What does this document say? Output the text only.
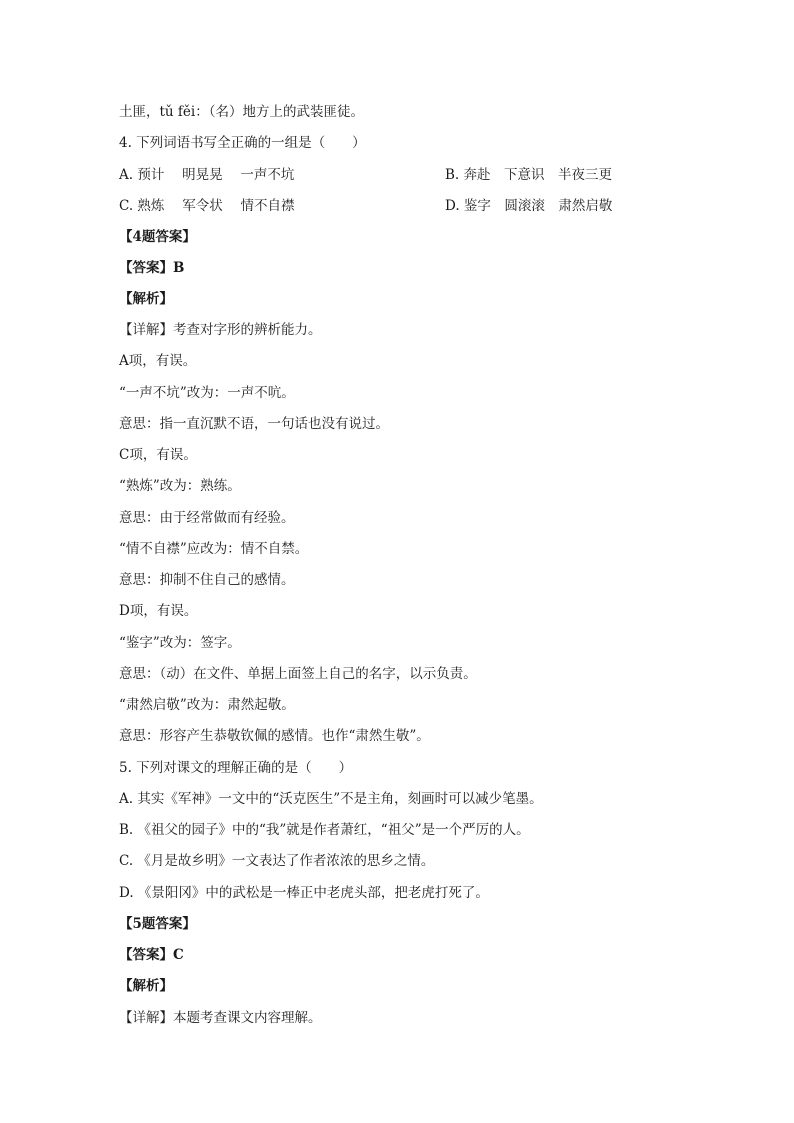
土匪，tǔ fěi：（名）地方上的武装匪徒。
4. 下列词语书写全正确的一组是（　　）
A. 预计　 明晃晃　 一声不坑	B. 奔赴　下意识　半夜三更
C. 熟炼　 军令状　 情不自襟	D. 鉴字　圆滚滚　肃然启敬
【4题答案】
【答案】B
【解析】
【详解】考查对字形的辨析能力。
A项，有误。
“一声不坑”改为：一声不吭。
意思：指一直沉默不语，一句话也没有说过。
C项，有误。
“熟炼”改为：熟练。
意思：由于经常做而有经验。
“情不自襟”应改为：情不自禁。
意思：抑制不住自己的感情。
D项，有误。
“鉴字”改为：签字。
意思：（动）在文件、单据上面签上自己的名字，以示负责。
“肃然启敬”改为：肃然起敬。
意思：形容产生恭敬钦佩的感情。也作“肃然生敬”。
5. 下列对课文的理解正确的是（　　）
A. 其实《军神》一文中的“沃克医生”不是主角，刻画时可以减少笔墨。
B. 《祖父的园子》中的“我”就是作者萧红，“祖父”是一个严厉的人。
C. 《月是故乡明》一文表达了作者浓浓的思乡之情。
D. 《景阳冈》中的武松是一棒正中老虎头部，把老虎打死了。
【5题答案】
【答案】C
【解析】
【详解】本题考查课文内容理解。
